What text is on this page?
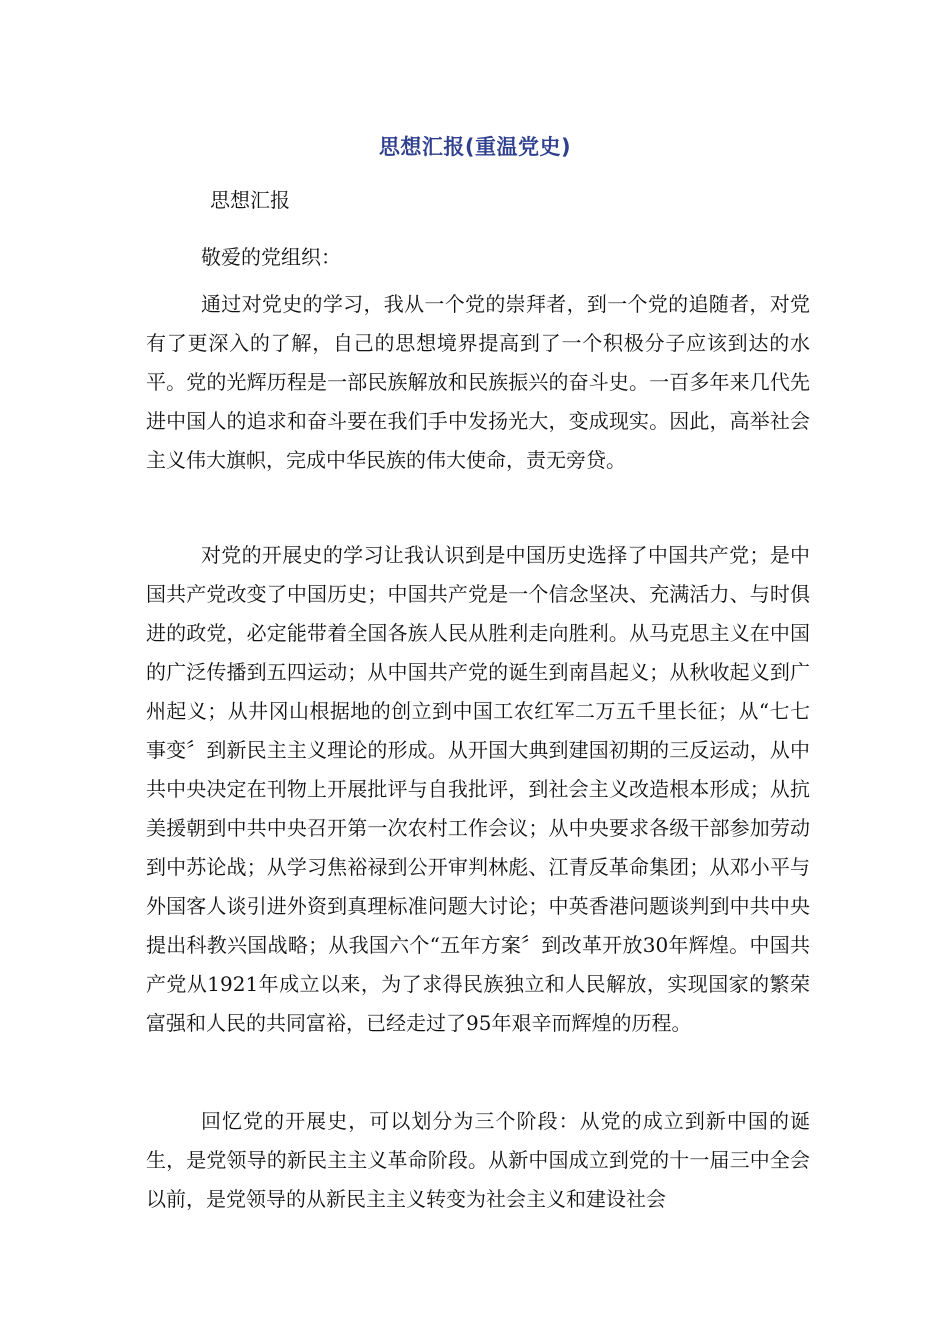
思想汇报(重温党史)
思想汇报
敬爱的党组织：

通过对党史的学习，我从一个党的崇拜者，到一个党的追随者，对党有了更深入的了解，自己的思想境界提高到了一个积极分子应该到达的水平。党的光辉历程是一部民族解放和民族振兴的奋斗史。一百多年来几代先进中国人的追求和奋斗要在我们手中发扬光大，变成现实。因此，高举社会主义伟大旗帜，完成中华民族的伟大使命，责无旁贷。

对党的开展史的学习让我认识到是中国历史选择了中国共产党；是中国共产党改变了中国历史；中国共产党是一个信念坚决、充满活力、与时俱进的政党，必定能带着全国各族人民从胜利走向胜利。从马克思主义在中国的广泛传播到五四运动；从中国共产党的诞生到南昌起义；从秋收起义到广州起义；从井冈山根据地的创立到中国工农红军二万五千里长征；从“七七事变〞到新民主主义理论的形成。从开国大典到建国初期的三反运动，从中共中央决定在刊物上开展批评与自我批评，到社会主义改造根本形成；从抗美援朝到中共中央召开第一次农村工作会议；从中央要求各级干部参加劳动到中苏论战；从学习焦裕禄到公开审判林彪、江青反革命集团；从邓小平与外国客人谈引进外资到真理标准问题大讨论；中英香港问题谈判到中共中央提出科教兴国战略；从我国六个“五年方案〞到改革开放30年辉煌。中国共产党从1921年成立以来，为了求得民族独立和人民解放，实现国家的繁荣富强和人民的共同富裕，已经走过了95年艰辛而辉煌的历程。

回忆党的开展史，可以划分为三个阶段：从党的成立到新中国的诞生，是党领导的新民主主义革命阶段。从新中国成立到党的十一届三中全会以前，是党领导的从新民主主义转变为社会主义和建设社会
